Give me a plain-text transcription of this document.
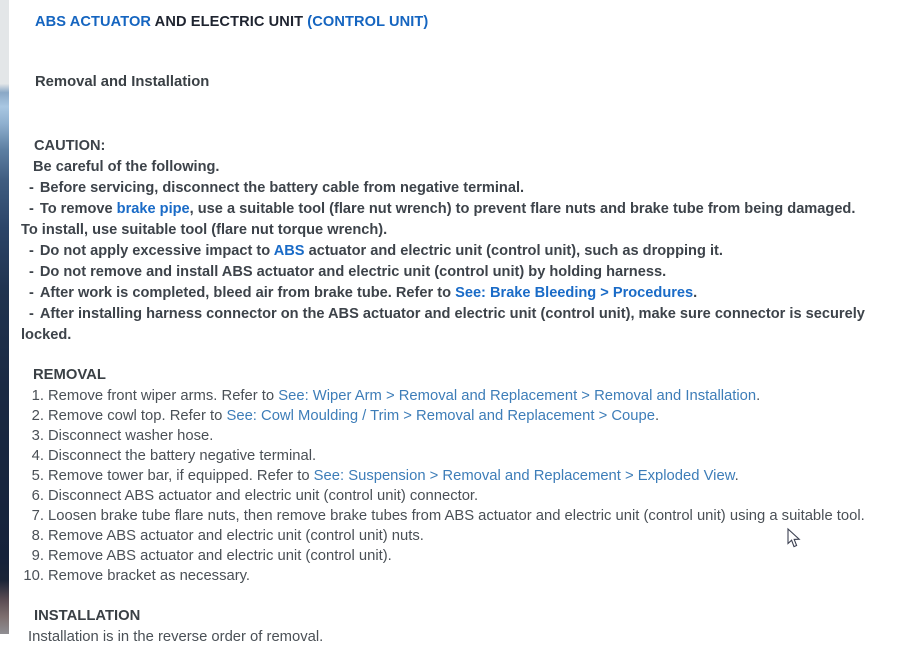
ABS ACTUATOR AND ELECTRIC UNIT (CONTROL UNIT)
Removal and Installation
CAUTION:
Be careful of the following.

- Before servicing, disconnect the battery cable from negative terminal.

- To remove brake pipe, use a suitable tool (flare nut wrench) to prevent flare nuts and brake tube from being damaged. To install, use suitable tool (flare nut torque wrench).

- Do not apply excessive impact to ABS actuator and electric unit (control unit), such as dropping it.

- Do not remove and install ABS actuator and electric unit (control unit) by holding harness.

- After work is completed, bleed air from brake tube. Refer to See: Brake Bleeding > Procedures.

- After installing harness connector on the ABS actuator and electric unit (control unit), make sure connector is securely locked.

REMOVAL
1. Remove front wiper arms. Refer to See: Wiper Arm > Removal and Replacement > Removal and Installation.
2. Remove cowl top. Refer to See: Cowl Moulding / Trim > Removal and Replacement > Coupe.
3. Disconnect washer hose.
4. Disconnect the battery negative terminal.
5. Remove tower bar, if equipped. Refer to See: Suspension > Removal and Replacement > Exploded View.
6. Disconnect ABS actuator and electric unit (control unit) connector.
7. Loosen brake tube flare nuts, then remove brake tubes from ABS actuator and electric unit (control unit) using a suitable tool.
8. Remove ABS actuator and electric unit (control unit) nuts.
9. Remove ABS actuator and electric unit (control unit).
10. Remove bracket as necessary.
INSTALLATION
Installation is in the reverse order of removal.
